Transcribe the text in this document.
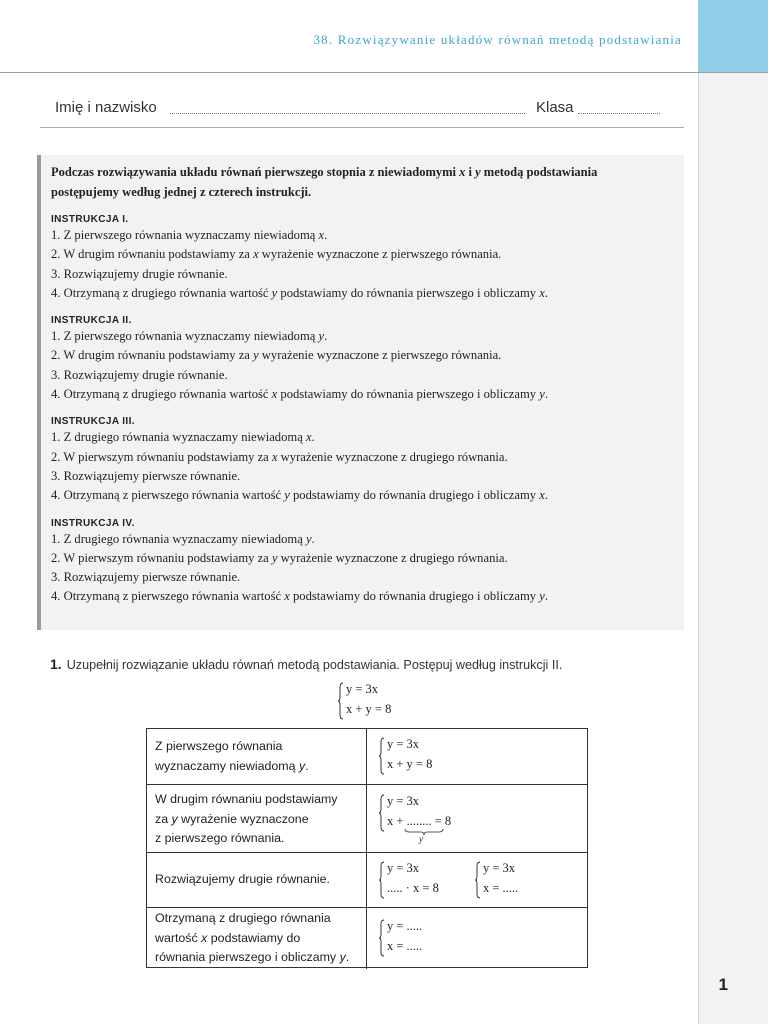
1
38. Rozwiązywanie układów równań metodą podstawiania
Imię i nazwisko	Klasa
Podczas rozwiązywania układu równań pierwszego stopnia z niewiadomymi x i y metodą podstawiania
postępujemy według jednej z czterech instrukcji.
INSTRUKCJA I.
1. Z pierwszego równania wyznaczamy niewiadomą x.
2. W drugim równaniu podstawiamy za x wyrażenie wyznaczone z pierwszego równania.
3. Rozwiązujemy drugie równanie.
4. Otrzymaną z drugiego równania wartość y podstawiamy do równania pierwszego i obliczamy x.
INSTRUKCJA II.
1. Z pierwszego równania wyznaczamy niewiadomą y.
2. W drugim równaniu podstawiamy za y wyrażenie wyznaczone z pierwszego równania.
3. Rozwiązujemy drugie równanie.
4. Otrzymaną z drugiego równania wartość x podstawiamy do równania pierwszego i obliczamy y.
INSTRUKCJA III.
1. Z drugiego równania wyznaczamy niewiadomą x.
2. W pierwszym równaniu podstawiamy za x wyrażenie wyznaczone z drugiego równania.
3. Rozwiązujemy pierwsze równanie.
4. Otrzymaną z pierwszego równania wartość y podstawiamy do równania drugiego i obliczamy x.
INSTRUKCJA IV.
1. Z drugiego równania wyznaczamy niewiadomą y.
2. W pierwszym równaniu podstawiamy za y wyrażenie wyznaczone z drugiego równania.
3. Rozwiązujemy pierwsze równanie.
4. Otrzymaną z pierwszego równania wartość x podstawiamy do równania drugiego i obliczamy y.
1. Uzupełnij rozwiązanie układu równań metodą podstawiania. Postępuj według instrukcji II.
y = 3x
x + y = 8
Z pierwszego równania
wyznaczamy niewiadomą y.
y = 3x
x + y = 8
W drugim równaniu podstawiamy
za y wyrażenie wyznaczone
z pierwszego równania.
y = 3x
x + ........ = 8
y
Rozwiązujemy drugie równanie.
y = 3x
..... · x = 8
y = 3x
x = .....
Otrzymaną z drugiego równania
wartość x podstawiamy do
równania pierwszego i obliczamy y.
y = .....
x = .....
